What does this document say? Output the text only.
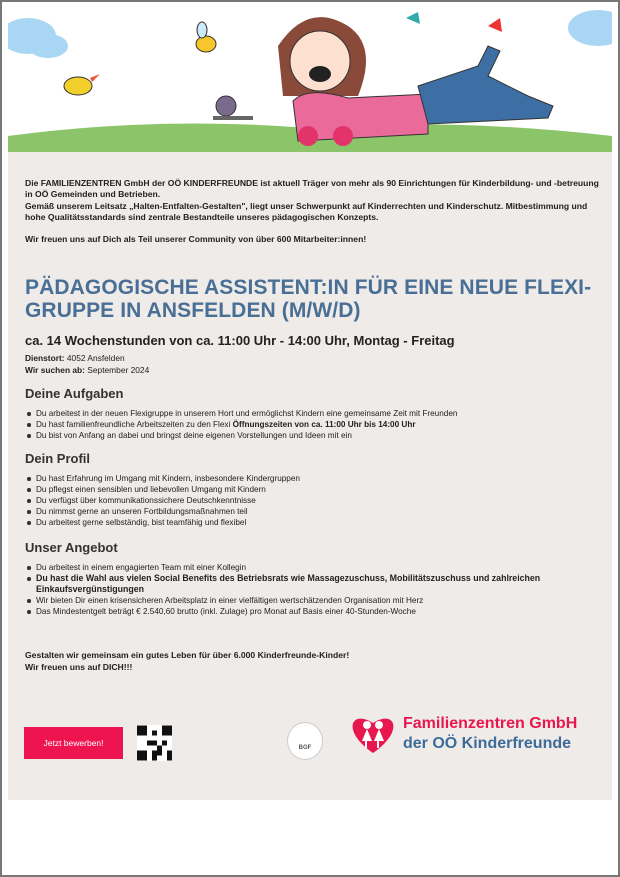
Die FAMILIENZENTREN GmbH der OÖ KINDERFREUNDE ist aktuell Träger von mehr als 90 Einrichtungen für Kinderbildung- und -betreuung in OÖ Gemeinden und Betrieben.

Gemäß unserem Leitsatz „Halten-Entfalten-Gestalten", liegt unser Schwerpunkt auf Kinderrechten und Kinderschutz. Mitbestimmung und hohe Qualitätsstandards sind zentrale Bestandteile unseres pädagogischen Konzepts.

Wir freuen uns auf Dich als Teil unserer Community von über 600 Mitarbeiter:innen!

PÄDAGOGISCHE ASSISTENT:IN FÜR EINE NEUE FLEXI-GRUPPE IN ANSFELDEN (M/W/D)
ca. 14 Wochenstunden von ca. 11:00 Uhr - 14:00 Uhr, Montag - Freitag
Dienstort: 4052 Ansfelden
Wir suchen ab: September 2024
Deine Aufgaben
Du arbeitest in der neuen Flexigruppe in unserem Hort und ermöglichst Kindern eine gemeinsame Zeit mit Freunden
Du hast familienfreundliche Arbeitszeiten zu den Flexi Öffnungszeiten von ca. 11:00 Uhr bis 14:00 Uhr
Du bist von Anfang an dabei und bringst deine eigenen Vorstellungen und Ideen mit ein
Dein Profil
Du hast Erfahrung im Umgang mit Kindern, insbesondere Kindergruppen
Du pflegst einen sensiblen und liebevollen Umgang mit Kindern
Du verfügst über kommunikationssichere Deutschkenntnisse
Du nimmst gerne an unseren Fortbildungsmaßnahmen teil
Du arbeitest gerne selbständig, bist teamfähig und flexibel
Unser Angebot
Du arbeitest in einem engagierten Team mit einer Kollegin
Du hast die Wahl aus vielen Social Benefits des Betriebsrats wie Massagezuschuss, Mobilitätszuschuss und zahlreichen Einkaufsvergünstigungen
Wir bieten Dir einen krisensicheren Arbeitsplatz in einer vielfältigen wertschätzenden Organisation mit Herz
Das Mindestentgelt beträgt € 2.540,60 brutto (inkl. Zulage) pro Monat auf Basis einer 40-Stunden-Woche
Gestalten wir gemeinsam ein gutes Leben für über 6.000 Kinderfreunde-Kinder!
Wir freuen uns auf DICH!!!
Jetzt bewerben!	BGF
Familienzentren GmbH
der OÖ Kinderfreunde
